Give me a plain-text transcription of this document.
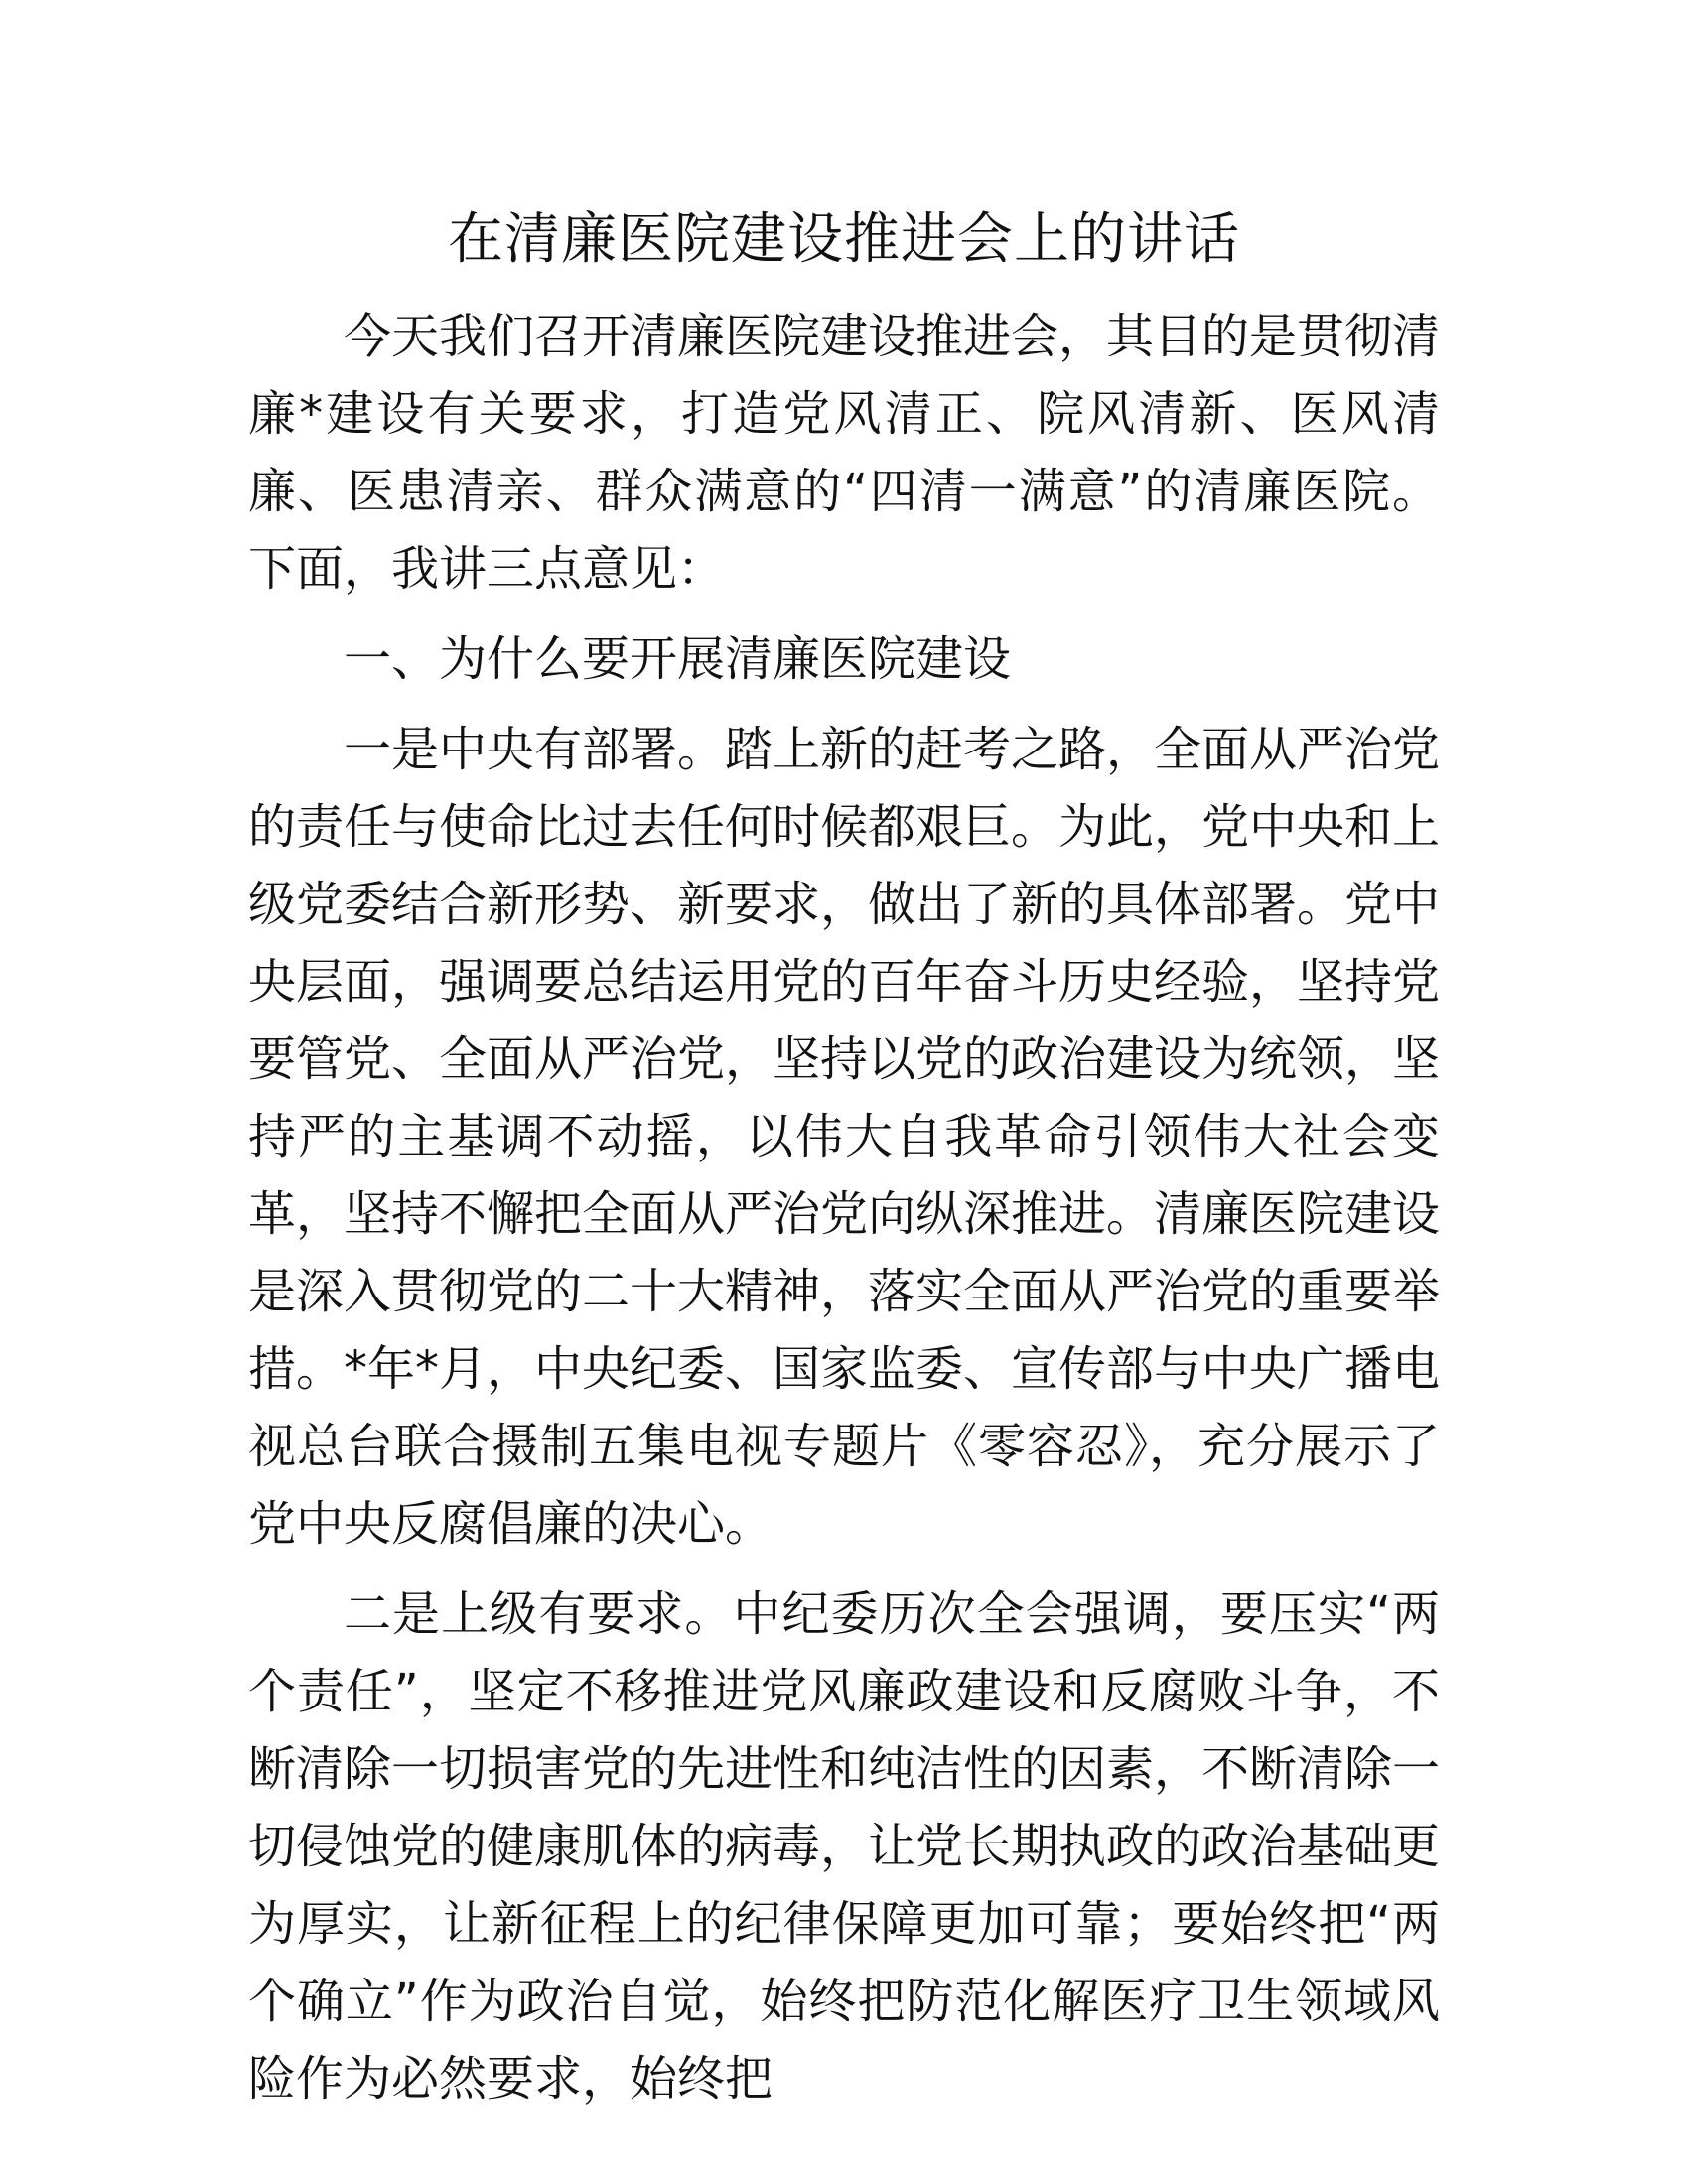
在清廉医院建设推进会上的讲话

今天我们召开清廉医院建设推进会，其目的是贯彻清廉*建设有关要求，打造党风清正、院风清新、医风清廉、医患清亲、群众满意的“四清一满意”的清廉医院。下面，我讲三点意见：

一、为什么要开展清廉医院建设

一是中央有部署。踏上新的赶考之路，全面从严治党的责任与使命比过去任何时候都艰巨。为此，党中央和上级党委结合新形势、新要求，做出了新的具体部署。党中央层面，强调要总结运用党的百年奋斗历史经验，坚持党要管党、全面从严治党，坚持以党的政治建设为统领，坚持严的主基调不动摇，以伟大自我革命引领伟大社会变革，坚持不懈把全面从严治党向纵深推进。清廉医院建设是深入贯彻党的二十大精神，落实全面从严治党的重要举措。*年*月，中央纪委、国家监委、宣传部与中央广播电视总台联合摄制五集电视专题片《零容忍》，充分展示了党中央反腐倡廉的决心。

二是上级有要求。中纪委历次全会强调，要压实“两个责任”，坚定不移推进党风廉政建设和反腐败斗争，不断清除一切损害党的先进性和纯洁性的因素，不断清除一切侵蚀党的健康肌体的病毒，让党长期执政的政治基础更为厚实，让新征程上的纪律保障更加可靠；要始终把“两个确立”作为政治自觉，始终把防范化解医疗卫生领域风险作为必然要求，始终把
